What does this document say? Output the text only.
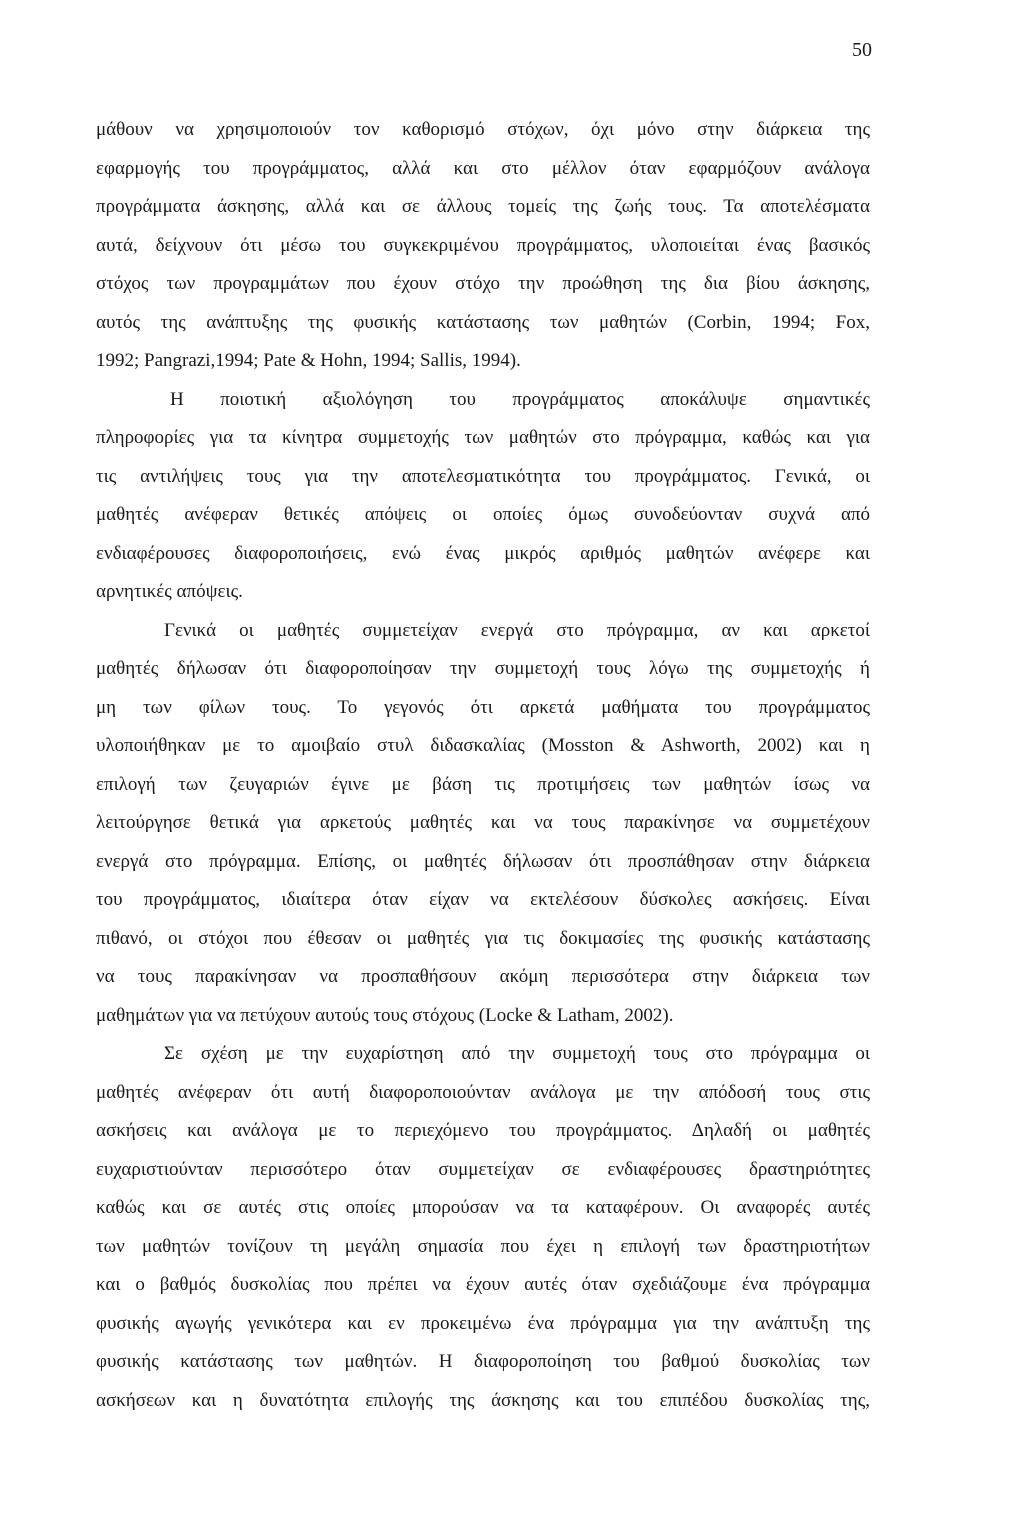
50
μάθουν να χρησιμοποιούν τον καθορισμό στόχων, όχι μόνο στην διάρκεια της
εφαρμογής του προγράμματος, αλλά και στο μέλλον όταν εφαρμόζουν ανάλογα
προγράμματα άσκησης, αλλά και σε άλλους τομείς της ζωής τους. Τα αποτελέσματα
αυτά, δείχνουν ότι μέσω του συγκεκριμένου προγράμματος, υλοποιείται ένας βασικός
στόχος των προγραμμάτων που έχουν στόχο την προώθηση της δια βίου άσκησης,
αυτός της ανάπτυξης της φυσικής κατάστασης των μαθητών (Corbin, 1994; Fox,
1992; Pangrazi,1994; Pate & Hohn, 1994; Sallis, 1994).
Η ποιοτική αξιολόγηση του προγράμματος αποκάλυψε σημαντικές
πληροφορίες για τα κίνητρα συμμετοχής των μαθητών στο πρόγραμμα, καθώς και για
τις αντιλήψεις τους για την αποτελεσματικότητα του προγράμματος. Γενικά, οι
μαθητές ανέφεραν θετικές απόψεις οι οποίες όμως συνοδεύονταν συχνά από
ενδιαφέρουσες διαφοροποιήσεις, ενώ ένας μικρός αριθμός μαθητών ανέφερε και
αρνητικές απόψεις.
Γενικά οι μαθητές συμμετείχαν ενεργά στο πρόγραμμα, αν και αρκετοί
μαθητές δήλωσαν ότι διαφοροποίησαν την συμμετοχή τους λόγω της συμμετοχής ή
μη των φίλων τους. Το γεγονός ότι αρκετά μαθήματα του προγράμματος
υλοποιήθηκαν με το αμοιβαίο στυλ διδασκαλίας (Mosston & Ashworth, 2002) και η
επιλογή των ζευγαριών έγινε με βάση τις προτιμήσεις των μαθητών ίσως να
λειτούργησε θετικά για αρκετούς μαθητές και να τους παρακίνησε να συμμετέχουν
ενεργά στο πρόγραμμα. Επίσης, οι μαθητές δήλωσαν ότι προσπάθησαν στην διάρκεια
του προγράμματος, ιδιαίτερα όταν είχαν να εκτελέσουν δύσκολες ασκήσεις. Είναι
πιθανό, οι στόχοι που έθεσαν οι μαθητές για τις δοκιμασίες της φυσικής κατάστασης
να τους παρακίνησαν να προσπαθήσουν ακόμη περισσότερα στην διάρκεια των
μαθημάτων για να πετύχουν αυτούς τους στόχους (Locke & Latham, 2002).
Σε σχέση με την ευχαρίστηση από την συμμετοχή τους στο πρόγραμμα οι
μαθητές ανέφεραν ότι αυτή διαφοροποιούνταν ανάλογα με την απόδοσή τους στις
ασκήσεις και ανάλογα με το περιεχόμενο του προγράμματος. Δηλαδή οι μαθητές
ευχαριστιούνταν περισσότερο όταν συμμετείχαν σε ενδιαφέρουσες δραστηριότητες
καθώς και σε αυτές στις οποίες μπορούσαν να τα καταφέρουν. Οι αναφορές αυτές
των μαθητών τονίζουν τη μεγάλη σημασία που έχει η επιλογή των δραστηριοτήτων
και ο βαθμός δυσκολίας που πρέπει να έχουν αυτές όταν σχεδιάζουμε ένα πρόγραμμα
φυσικής αγωγής γενικότερα και εν προκειμένω ένα πρόγραμμα για την ανάπτυξη της
φυσικής κατάστασης των μαθητών. Η διαφοροποίηση του βαθμού δυσκολίας των
ασκήσεων και η δυνατότητα επιλογής της άσκησης και του επιπέδου δυσκολίας της,
